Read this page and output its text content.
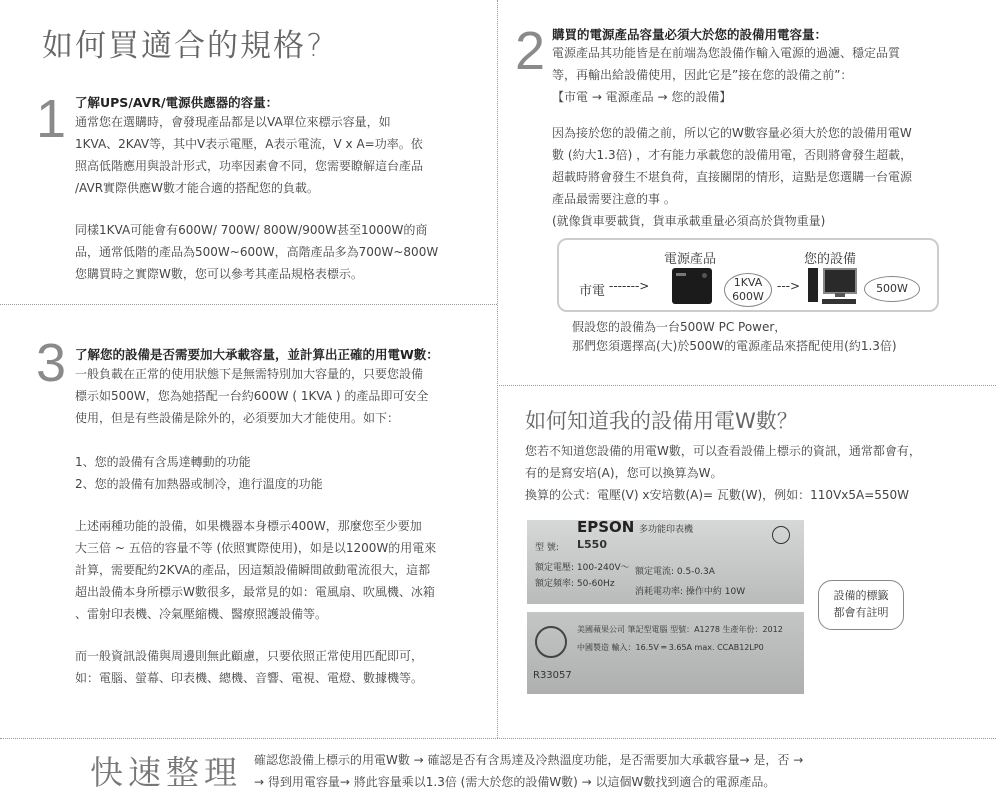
如何買適合的規格?
1 了解UPS/AVR/電源供應器的容量：
通常您在選購時，會發現產品都是以VA單位來標示容量，如
1KVA、2KAV等，其中V表示電壓，A表示電流，V x A=功率。依
照高低階應用與設計形式，功率因素會不同，您需要瞭解這台產品
/AVR實際供應W數才能合適的搭配您的負載。
同樣1KVA可能會有600W/ 700W/ 800W/900W甚至1000W的商
品，通常低階的產品為500W~600W，高階產品多為700W~800W
您購買時之實際W數，您可以參考其產品規格表標示。
3 了解您的設備是否需要加大承載容量，並計算出正確的用電W數：
一般負載在正常的使用狀態下是無需特別加大容量的，只要您設備
標示如500W，您為她搭配一台約600W ( 1KVA ) 的產品即可安全
使用，但是有些設備是除外的，必須要加大才能使用。如下：
1、您的設備有含馬達轉動的功能
2、您的設備有加熱器或制冷，進行溫度的功能
上述兩種功能的設備，如果機器本身標示400W，那麼您至少要加
大三倍 ~ 五倍的容量不等 (依照實際使用)，如是以1200W的用電來
計算，需要配約2KVA的產品，因這類設備瞬間啟動電流很大，這都
超出設備本身所標示W數很多，最常見的如：電風扇、吹風機、冰箱
、雷射印表機、冷氣壓縮機、醫療照護設備等。
而一般資訊設備與周邊則無此顧慮，只要依照正常使用匹配即可，
如：電腦、螢幕、印表機、總機、音響、電視、電燈、數據機等。
2 購買的電源產品容量必須大於您的設備用電容量：
電源產品其功能皆是在前端為您設備作輸入電源的過濾、穩定品質
等，再輸出給設備使用，因此它是”接在您的設備之前”：
【市電 → 電源產品 → 您的設備】
因為接於您的設備之前，所以它的W數容量必須大於您的設備用電W
數 (約大1.3倍) ，才有能力承載您的設備用電，否則將會發生超載，
超載時將會發生不堪負荷，直接關閉的情形，這點是您選購一台電源
產品最需要注意的事 。
(就像貨車要載貨，貨車承載重量必須高於貨物重量)
電源產品	您的設備
市電 ------->	1KVA
600W
--->	500W
假設您的設備為一台500W PC Power，
那們您須選擇高(大)於500W的電源產品來搭配使用(約1.3倍)
如何知道我的設備用電W數？
您若不知道您設備的用電W數，可以查看設備上標示的資訊，通常都會有，
有的是寫安培(A)，您可以換算為W。
換算的公式：電壓(V) x安培數(A)= 瓦數(W)，例如：110Vx5A=550W
EPSON 多功能印表機
型 號: L550
額定電壓: 100-240V～ 額定電流: 0.5-0.3A
額定頻率: 50-60Hz
消耗電功率: 操作中約 10W
美國蘋果公司 筆記型電腦 型號：A1278 生產年份：2012
中國製造 輸入：16.5V ═ 3.65A max. CCAB12LP0
R33057
設備的標籤
都會有註明
快速整理 確認您設備上標示的用電W數 → 確認是否有含馬達及冷熱溫度功能，是否需要加大承載容量→ 是，否 →
→ 得到用電容量→ 將此容量乘以1.3倍 (需大於您的設備W數) → 以這個W數找到適合的電源產品。
